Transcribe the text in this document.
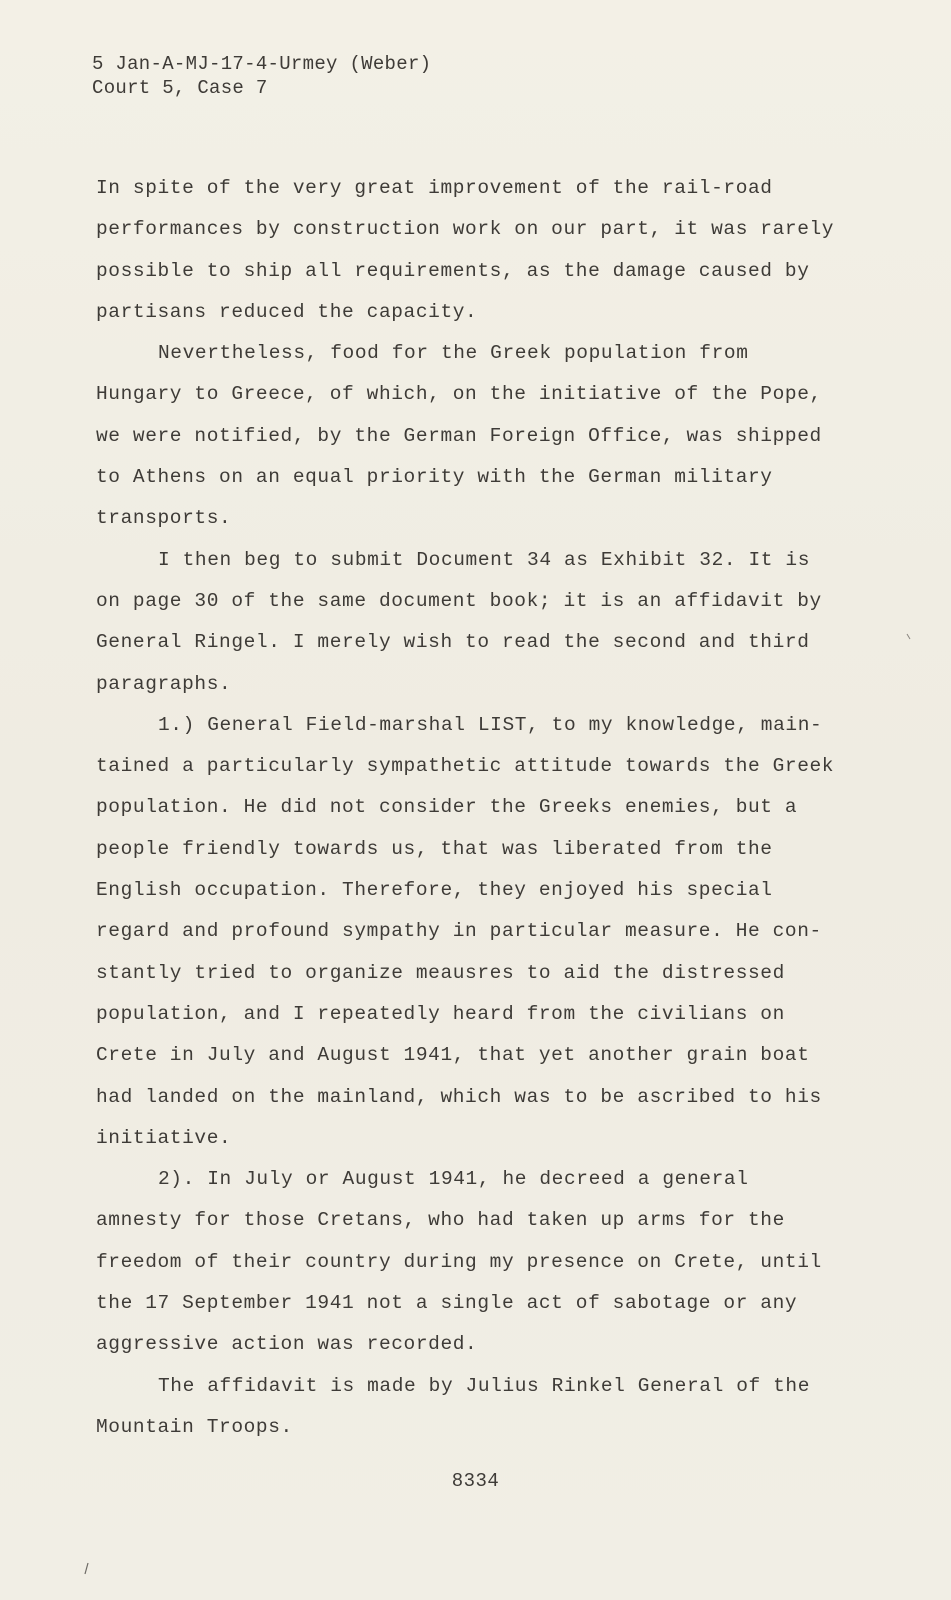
5 Jan-A-MJ-17-4-Urmey (Weber)
Court 5, Case 7
In spite of the very great improvement of the rail-road
performances by construction work on our part, it was rarely
possible to ship all requirements, as the damage caused by
partisans reduced the capacity.
Nevertheless, food for the Greek population from
Hungary to Greece, of which, on the initiative of the Pope,
we were notified, by the German Foreign Office, was shipped
to Athens on an equal priority with the German military
transports.
I then beg to submit Document 34 as Exhibit 32. It is
on page 30 of the same document book; it is an affidavit by
General Ringel. I merely wish to read the second and third
paragraphs.
1.) General Field-marshal LIST, to my knowledge, main-
tained a particularly sympathetic attitude towards the Greek
population. He did not consider the Greeks enemies, but a
people friendly towards us, that was liberated from the
English occupation. Therefore, they enjoyed his special
regard and profound sympathy in particular measure. He con-
stantly tried to organize meausres to aid the distressed
population, and I repeatedly heard from the civilians on
Crete in July and August 1941, that yet another grain boat
had landed on the mainland, which was to be ascribed to his
initiative.
2). In July or August 1941, he decreed a general
amnesty for those Cretans, who had taken up arms for the
freedom of their country during my presence on Crete, until
the 17 September 1941 not a single act of sabotage or any
aggressive action was recorded.
The affidavit is made by Julius Rinkel General of the
Mountain Troops.
8334
